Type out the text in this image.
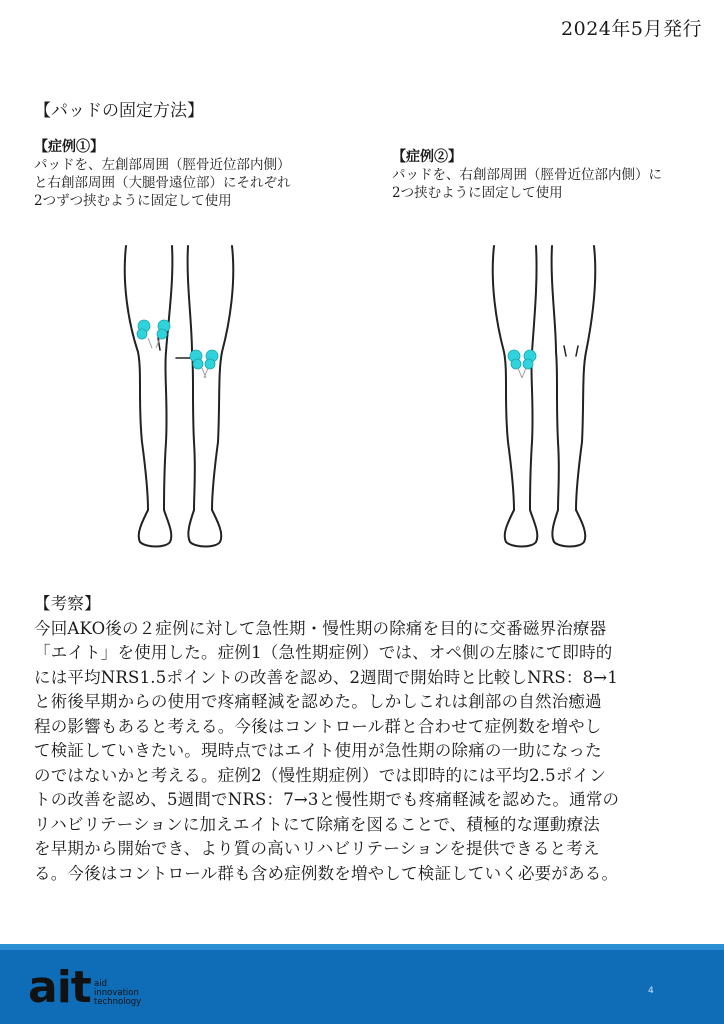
2024年5月発行
【パッドの固定方法】
【症例①】
パッドを、左創部周囲（脛骨近位部内側）
と右創部周囲（大腿骨遠位部）にそれぞれ
2つずつ挟むように固定して使用
【症例②】
パッドを、右創部周囲（脛骨近位部内側）に
2つ挟むように固定して使用
【考察】
今回AKO後の２症例に対して急性期・慢性期の除痛を目的に交番磁界治療器
「エイト」を使用した。症例1（急性期症例）では、オペ側の左膝にて即時的
には平均NRS1.5ポイントの改善を認め、2週間で開始時と比較しNRS：8→1
と術後早期からの使用で疼痛軽減を認めた。しかしこれは創部の自然治癒過
程の影響もあると考える。今後はコントロール群と合わせて症例数を増やし
て検証していきたい。現時点ではエイト使用が急性期の除痛の一助になった
のではないかと考える。症例2（慢性期症例）では即時的には平均2.5ポイン
トの改善を認め、5週間でNRS：7→3と慢性期でも疼痛軽減を認めた。通常の
リハビリテーションに加えエイトにて除痛を図ることで、積極的な運動療法
を早期から開始でき、より質の高いリハビリテーションを提供できると考え
る。今後はコントロール群も含め症例数を増やして検証していく必要がある。
ait aid
innovation
technology
4
